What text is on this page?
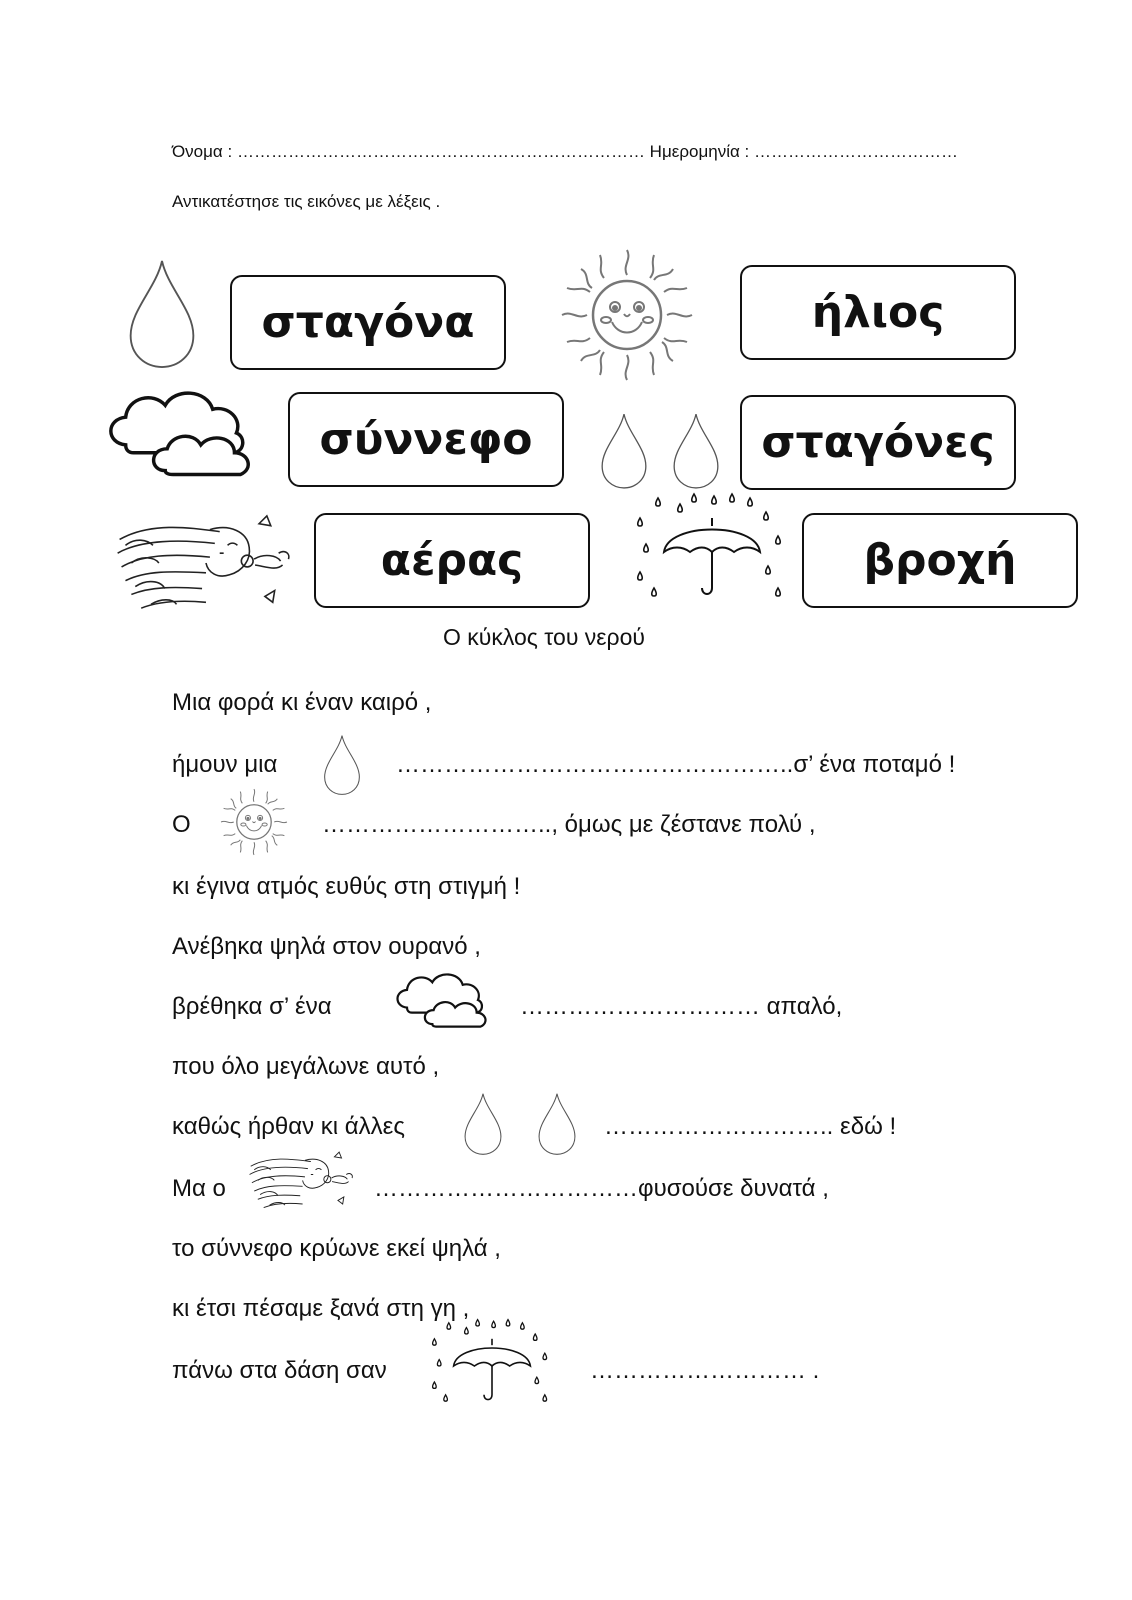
Όνομα : ……………………………………………………………… Ημερομηνία : ………………………………
Αντικατέστησε τις εικόνες με λέξεις .
σταγόνα	ήλιος
σύννεφο	σταγόνες
αέρας	βροχή
Ο κύκλος του νερού
Μια φορά κι έναν καιρό ,
ήμουν μια	…………………………………………..σ’ ένα ποταμό !
Ο	……………………….., όμως με ζέστανε πολύ ,
κι έγινα ατμός ευθύς στη στιγμή !
Ανέβηκα ψηλά στον ουρανό ,
βρέθηκα σ’ ένα	………………………… απαλό,
που όλο μεγάλωνε αυτό ,
καθώς ήρθαν κι άλλες	……………………….. εδώ !
Μα ο	……………………………φυσούσε δυνατά ,
το σύννεφο κρύωνε εκεί ψηλά ,
κι έτσι πέσαμε ξανά στη γη ,
πάνω στα δάση σαν	……………………… .
